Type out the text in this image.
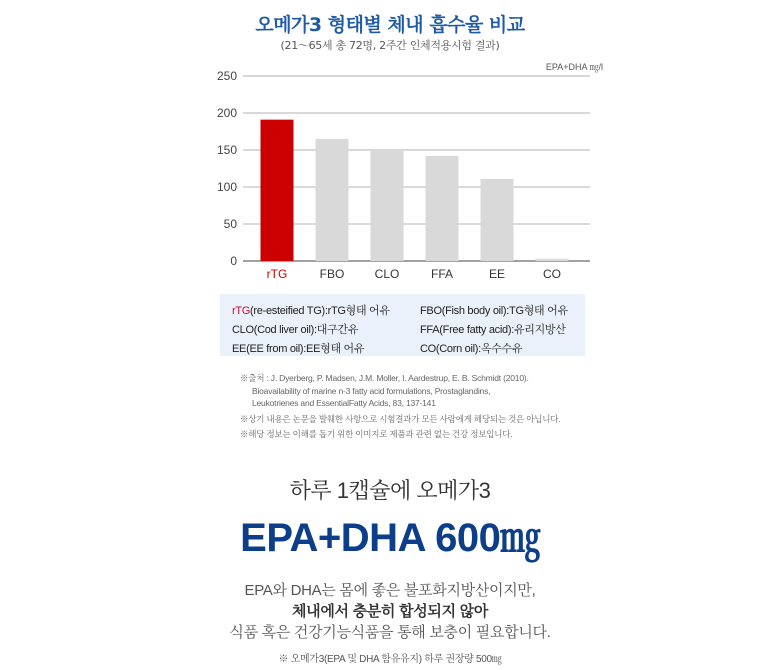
오메가3 형태별 체내 흡수율 비교
(21～65세 총 72명, 2주간 인체적용시험 결과)
EPA+DHA ㎎/l
0
50
100
150
200
250
rTG	FBO	CLO	FFA	EE	CO
rTG(re-esteified TG):rTG형태 어유	FBO(Fish body oil):TG형태 어유
CLO(Cod liver oil):대구간유	FFA(Free fatty acid):유리지방산
EE(EE from oil):EE형태 어유	CO(Corn oil):옥수수유
※출처 : J. Dyerberg, P. Madsen, J.M. Moller, I. Aardestrup, E. B. Schmidt (2010).
Bioavailability of marine n-3 fatty acid formulations, Prostaglandins,
Leukotrienes and EssentialFatty Acids, 83, 137-141
※상기 내용은 논문을 발췌한 사항으로 시험결과가 모든 사람에게 해당되는 것은 아닙니다.
※해당 정보는 이해를 돕기 위한 이미지로 제품과 관련 없는 건강 정보입니다.
하루 1캡슐에 오메가3
EPA+DHA 600㎎
EPA와 DHA는 몸에 좋은 불포화지방산이지만,
체내에서 충분히 합성되지 않아
식품 혹은 건강기능식품을 통해 보충이 필요합니다.
※ 오메가3(EPA 및 DHA 함유유지) 하루 권장량 500㎎
